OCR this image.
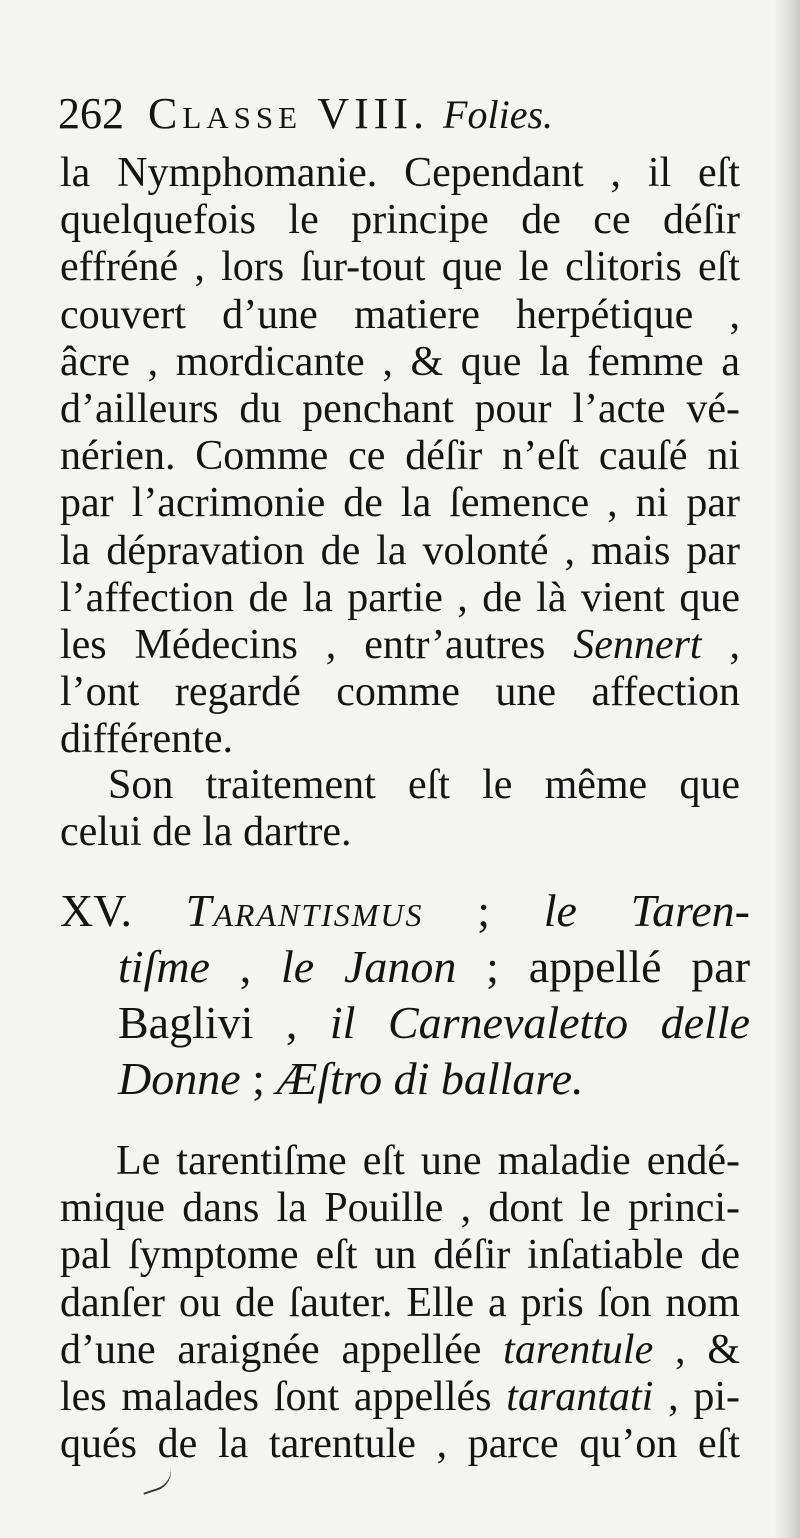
262 Classe VIII. Folies.
la Nymphomanie. Cependant , il eſt
quelquefois le principe de ce déſir
effréné , lors ſur-tout que le clitoris eſt
couvert d’une matiere herpétique ,
âcre , mordicante , & que la femme a
d’ailleurs du penchant pour l’acte vé-
nérien. Comme ce déſir n’eſt cauſé ni
par l’acrimonie de la ſemence , ni par
la dépravation de la volonté , mais par
l’affection de la partie , de là vient que
les Médecins , entr’autres Sennert ,
l’ont regardé comme une affection
différente.
Son traitement eſt le même que
celui de la dartre.
XV. Tarantismus ; le Taren-
tiſme , le Janon ; appellé par
Baglivi , il Carnevaletto delle
Donne ; Æſtro di ballare.
Le tarentiſme eſt une maladie endé-
mique dans la Pouille , dont le princi-
pal ſymptome eſt un déſir inſatiable de
danſer ou de ſauter. Elle a pris ſon nom
d’une araignée appellée tarentule , &
les malades ſont appellés tarantati , pi-
qués de la tarentule , parce qu’on eſt
